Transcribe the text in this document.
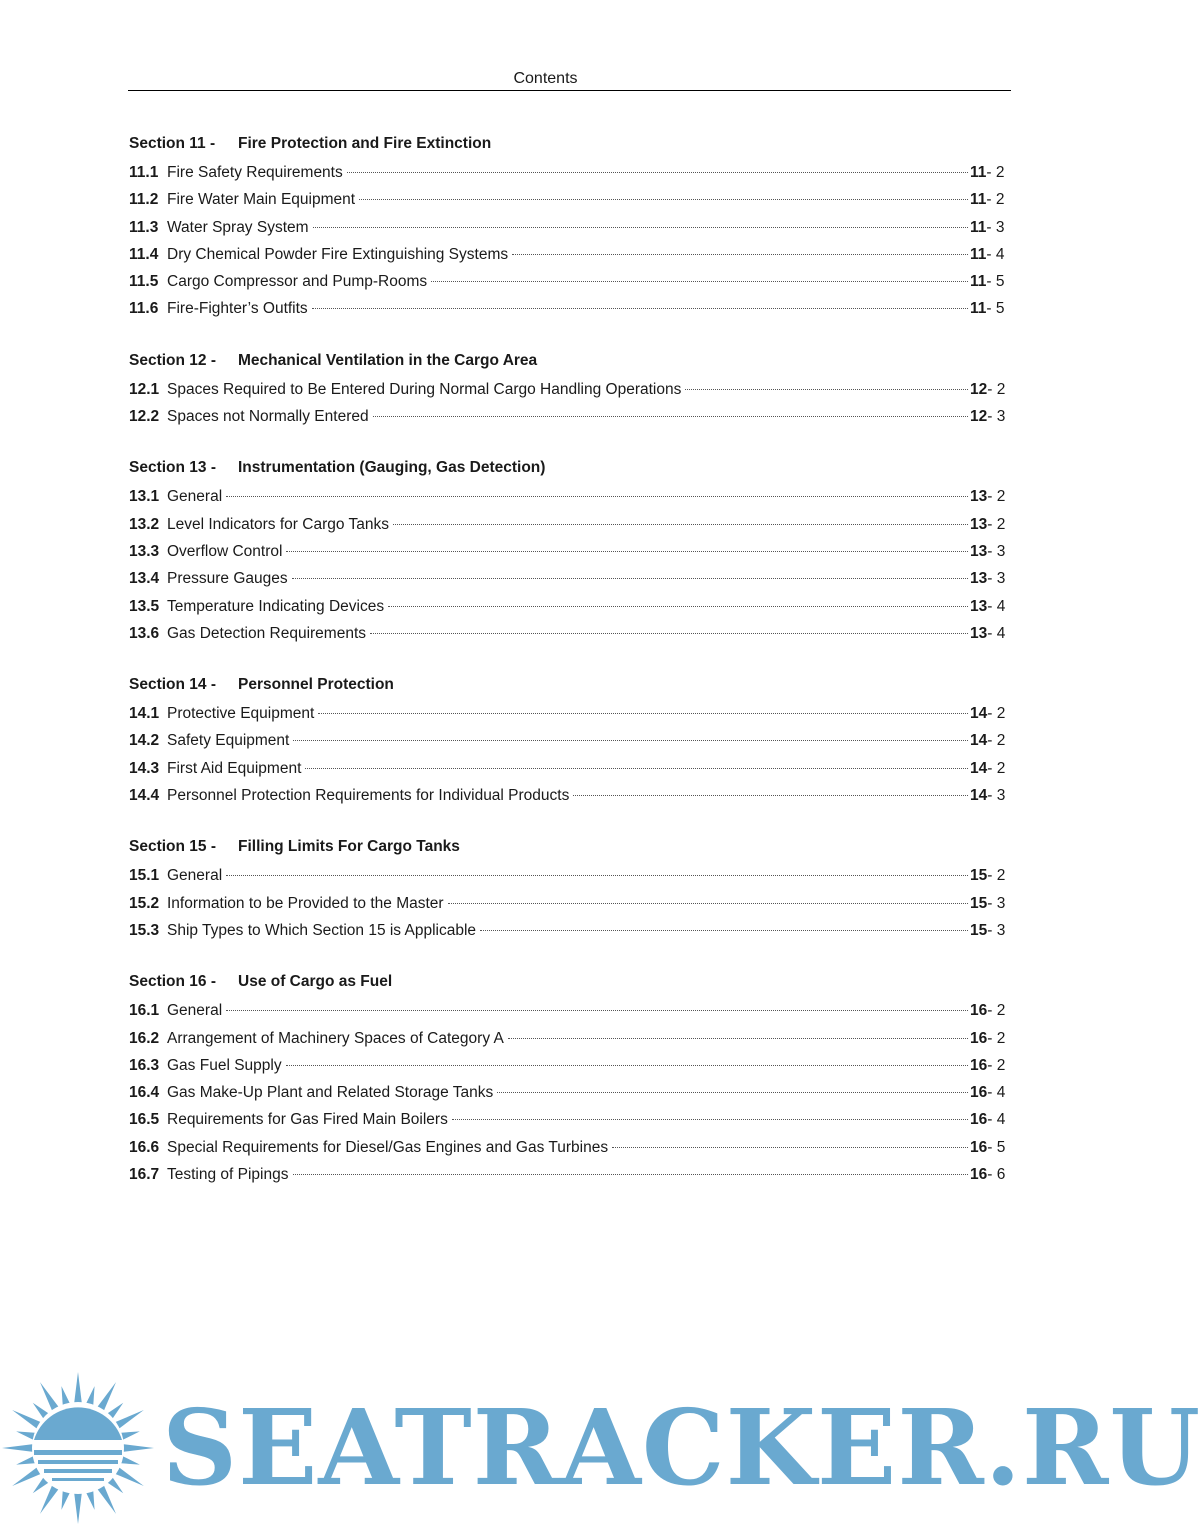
Contents
Section 11 - Fire Protection and Fire Extinction
11.1 Fire Safety Requirements	11- 2
11.2 Fire Water Main Equipment	11- 2
11.3 Water Spray System	11- 3
11.4 Dry Chemical Powder Fire Extinguishing Systems	11- 4
11.5 Cargo Compressor and Pump-Rooms	11- 5
11.6 Fire-Fighter’s Outfits	11- 5
Section 12 - Mechanical Ventilation in the Cargo Area
12.1 Spaces Required to Be Entered During Normal Cargo Handling Operations	12- 2
12.2 Spaces not Normally Entered	12- 3
Section 13 - Instrumentation (Gauging, Gas Detection)
13.1 General	13- 2
13.2 Level Indicators for Cargo Tanks	13- 2
13.3 Overflow Control	13- 3
13.4 Pressure Gauges	13- 3
13.5 Temperature Indicating Devices	13- 4
13.6 Gas Detection Requirements	13- 4
Section 14 - Personnel Protection
14.1 Protective Equipment	14- 2
14.2 Safety Equipment	14- 2
14.3 First Aid Equipment	14- 2
14.4 Personnel Protection Requirements for Individual Products	14- 3
Section 15 - Filling Limits For Cargo Tanks
15.1 General	15- 2
15.2 Information to be Provided to the Master	15- 3
15.3 Ship Types to Which Section 15 is Applicable	15- 3
Section 16 - Use of Cargo as Fuel
16.1 General	16- 2
16.2 Arrangement of Machinery Spaces of Category A	16- 2
16.3 Gas Fuel Supply	16- 2
16.4 Gas Make-Up Plant and Related Storage Tanks	16- 4
16.5 Requirements for Gas Fired Main Boilers	16- 4
16.6 Special Requirements for Diesel/Gas Engines and Gas Turbines	16- 5
16.7 Testing of Pipings	16- 6
SEATRACKER.RU
